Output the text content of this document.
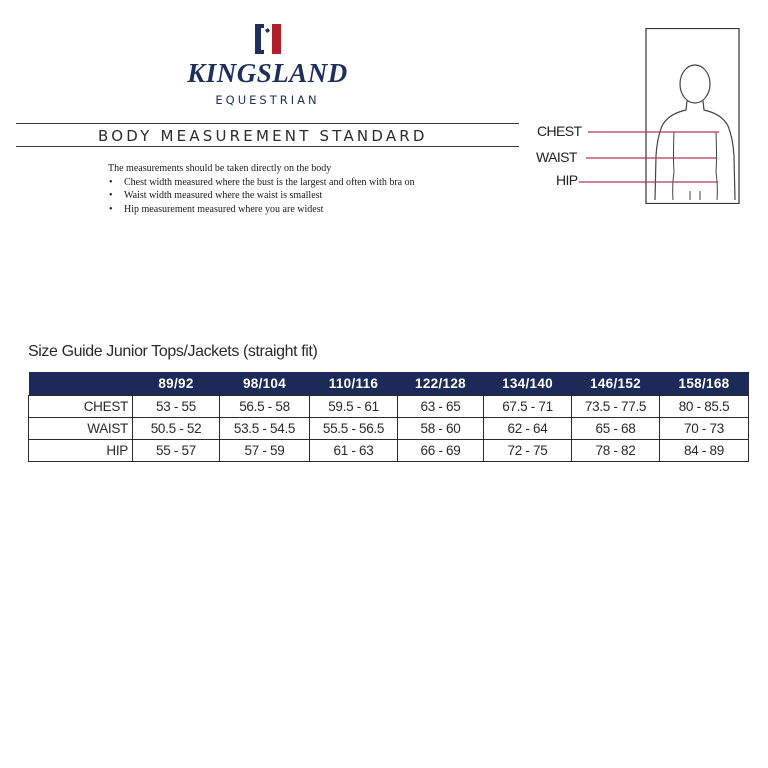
KINGSLAND
EQUESTRIAN
BODY MEASUREMENT STANDARD

The measurements should be taken directly on the body

• Chest width measured where the bust is the largest and often with bra on
• Waist width measured where the waist is smallest
• Hip measurement measured where you are widest
CHEST
WAIST
HIP
Size Guide Junior Tops/Jackets (straight fit)
	89/92	98/104	110/116	122/128	134/140	146/152	158/168
CHEST	53 - 55	56.5 - 58	59.5 - 61	63 - 65	67.5 - 71	73.5 - 77.5	80 - 85.5
WAIST	50.5 - 52	53.5 - 54.5	55.5 - 56.5	58 - 60	62 - 64	65 - 68	70 - 73
HIP	55 - 57	57 - 59	61 - 63	66 - 69	72 - 75	78 - 82	84 - 89
